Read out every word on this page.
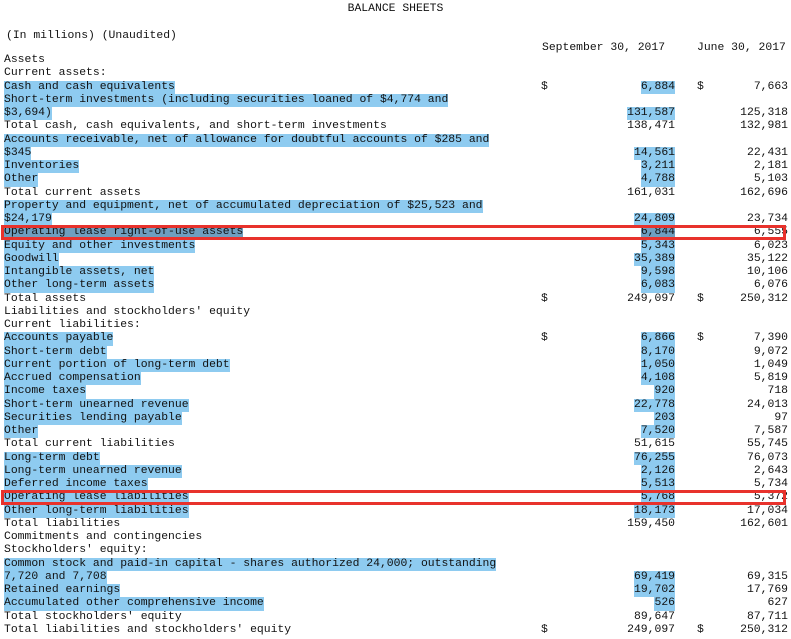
BALANCE SHEETS
(In millions) (Unaudited)
September 30, 2017	June 30, 2017
Assets
Current assets:
Cash and cash equivalents	$	6,884 $	7,663
Short-term investments (including securities loaned of $4,774 and
$3,694)	131,587	125,318
Total cash, cash equivalents, and short-term investments	138,471	132,981
Accounts receivable, net of allowance for doubtful accounts of $285 and
$345	14,561	22,431
Inventories	3,211	2,181
Other	4,788	5,103
Total current assets	161,031	162,696
Property and equipment, net of accumulated depreciation of $25,523 and
$24,179	24,809	23,734
Operating lease right-of-use assets	6,844	6,555
Equity and other investments	5,343	6,023
Goodwill	35,389	35,122
Intangible assets, net	9,598	10,106
Other long-term assets	6,083	6,076
Total assets	$	249,097 $	250,312
Liabilities and stockholders' equity
Current liabilities:
Accounts payable	$	6,866 $	7,390
Short-term debt	8,170	9,072
Current portion of long-term debt	1,050	1,049
Accrued compensation	4,108	5,819
Income taxes	920	718
Short-term unearned revenue	22,778	24,013
Securities lending payable	203	97
Other	7,520	7,587
Total current liabilities	51,615	55,745
Long-term debt	76,255	76,073
Long-term unearned revenue	2,126	2,643
Deferred income taxes	5,513	5,734
Operating lease liabilities	5,768	5,372
Other long-term liabilities	18,173	17,034
Total liabilities	159,450	162,601
Commitments and contingencies
Stockholders' equity:
Common stock and paid-in capital - shares authorized 24,000; outstanding
7,720 and 7,708	69,419	69,315
Retained earnings	19,702	17,769
Accumulated other comprehensive income	526	627
Total stockholders' equity	89,647	87,711
Total liabilities and stockholders' equity	$	249,097 $	250,312
